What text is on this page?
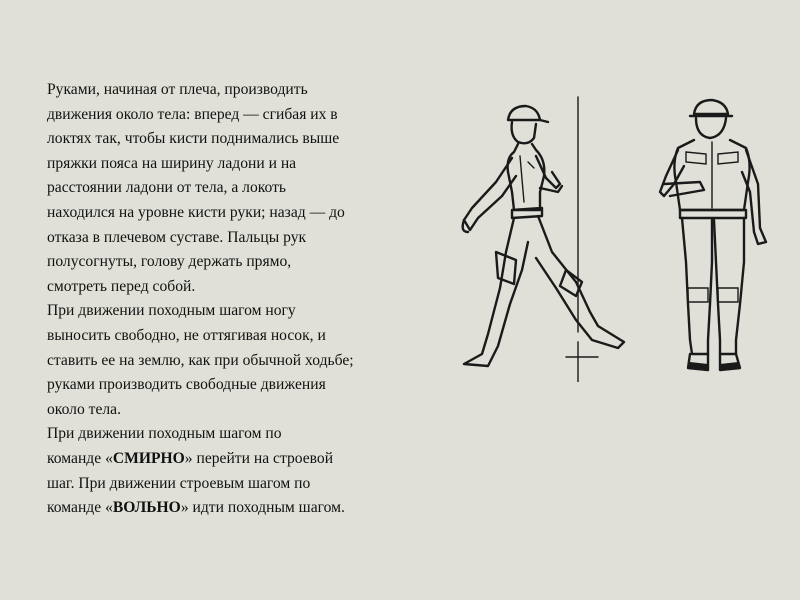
Руками, начиная от плеча, производить
движения около тела: вперед — сгибая их в
локтях так, чтобы кисти поднимались выше
пряжки пояса на ширину ладони и на
расстоянии ладони от тела, а локоть
находился на уровне кисти руки; назад — до
отказа в плечевом суставе. Пальцы рук
полусогнуты, голову держать прямо,
смотреть перед собой.

При движении походным шагом ногу
выносить свободно, не оттягивая носок, и
ставить ее на землю, как при обычной ходьбе;
руками производить свободные движения
около тела.

При движении походным шагом по
команде «СМИРНО» перейти на строевой
шаг. При движении строевым шагом по
команде «ВОЛЬНО» идти походным шагом.
